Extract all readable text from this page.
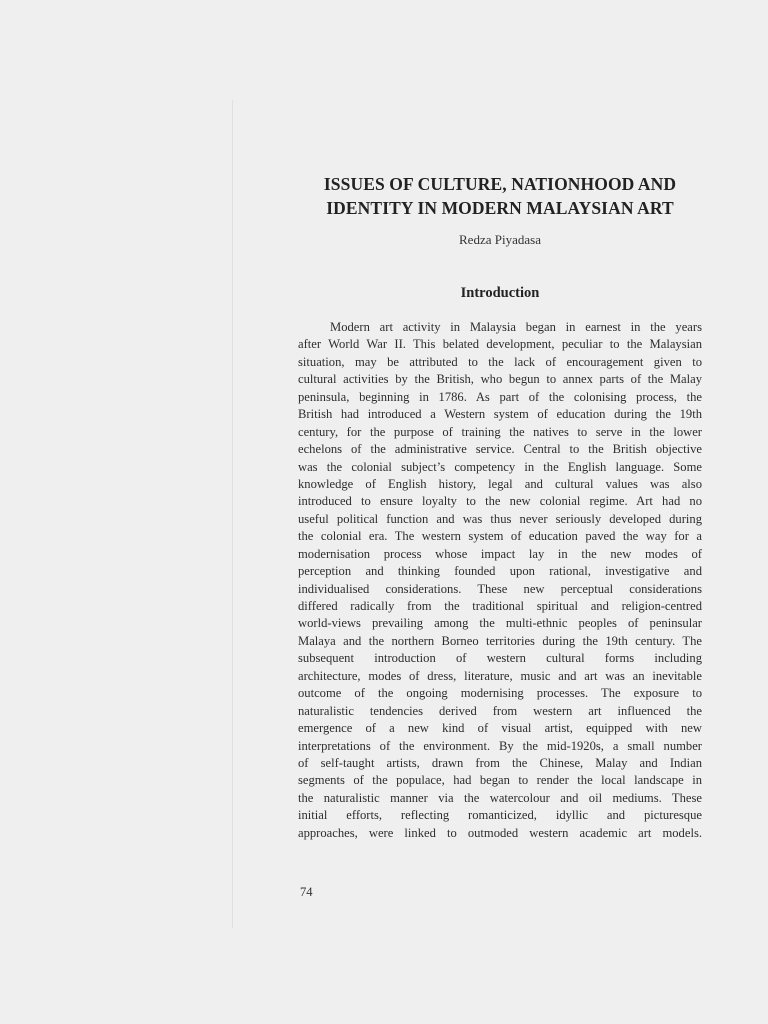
ISSUES OF CULTURE, NATIONHOOD AND
IDENTITY IN MODERN MALAYSIAN ART
Redza Piyadasa
Introduction
Modern art activity in Malaysia began in earnest in the years
after World War II. This belated development, peculiar to the Malaysian
situation, may be attributed to the lack of encouragement given to
cultural activities by the British, who begun to annex parts of the Malay
peninsula, beginning in 1786. As part of the colonising process, the
British had introduced a Western system of education during the 19th
century, for the purpose of training the natives to serve in the lower
echelons of the administrative service. Central to the British objective
was the colonial subject’s competency in the English language. Some
knowledge of English history, legal and cultural values was also
introduced to ensure loyalty to the new colonial regime. Art had no
useful political function and was thus never seriously developed during
the colonial era. The western system of education paved the way for a
modernisation process whose impact lay in the new modes of
perception and thinking founded upon rational, investigative and
individualised considerations. These new perceptual considerations
differed radically from the traditional spiritual and religion-centred
world-views prevailing among the multi-ethnic peoples of peninsular
Malaya and the northern Borneo territories during the 19th century. The
subsequent introduction of western cultural forms including
architecture, modes of dress, literature, music and art was an inevitable
outcome of the ongoing modernising processes. The exposure to
naturalistic tendencies derived from western art influenced the
emergence of a new kind of visual artist, equipped with new
interpretations of the environment. By the mid-1920s, a small number
of self-taught artists, drawn from the Chinese, Malay and Indian
segments of the populace, had began to render the local landscape in
the naturalistic manner via the watercolour and oil mediums. These
initial efforts, reflecting romanticized, idyllic and picturesque
approaches, were linked to outmoded western academic art models.
74
